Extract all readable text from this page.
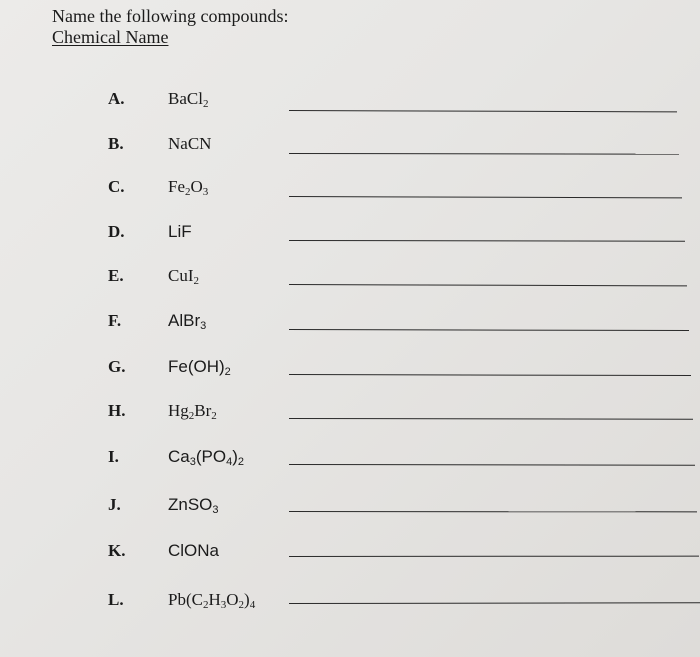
Name the following compounds:
Chemical Name
A.	BaCl$_2$
B.	NaCN
C.	$Fe_2O_3$
D.	LiF
E.	CuI$_2$
F.	AlBr$_3$
G.	$Fe(OH)_2$
H.	$Hg_2Br_2$
I.	$Ca_3(PO_4)_2$
J.	ZnSO$_3$
K.	ClONa
L.	$Pb(C_2H_3O_2)_4$
